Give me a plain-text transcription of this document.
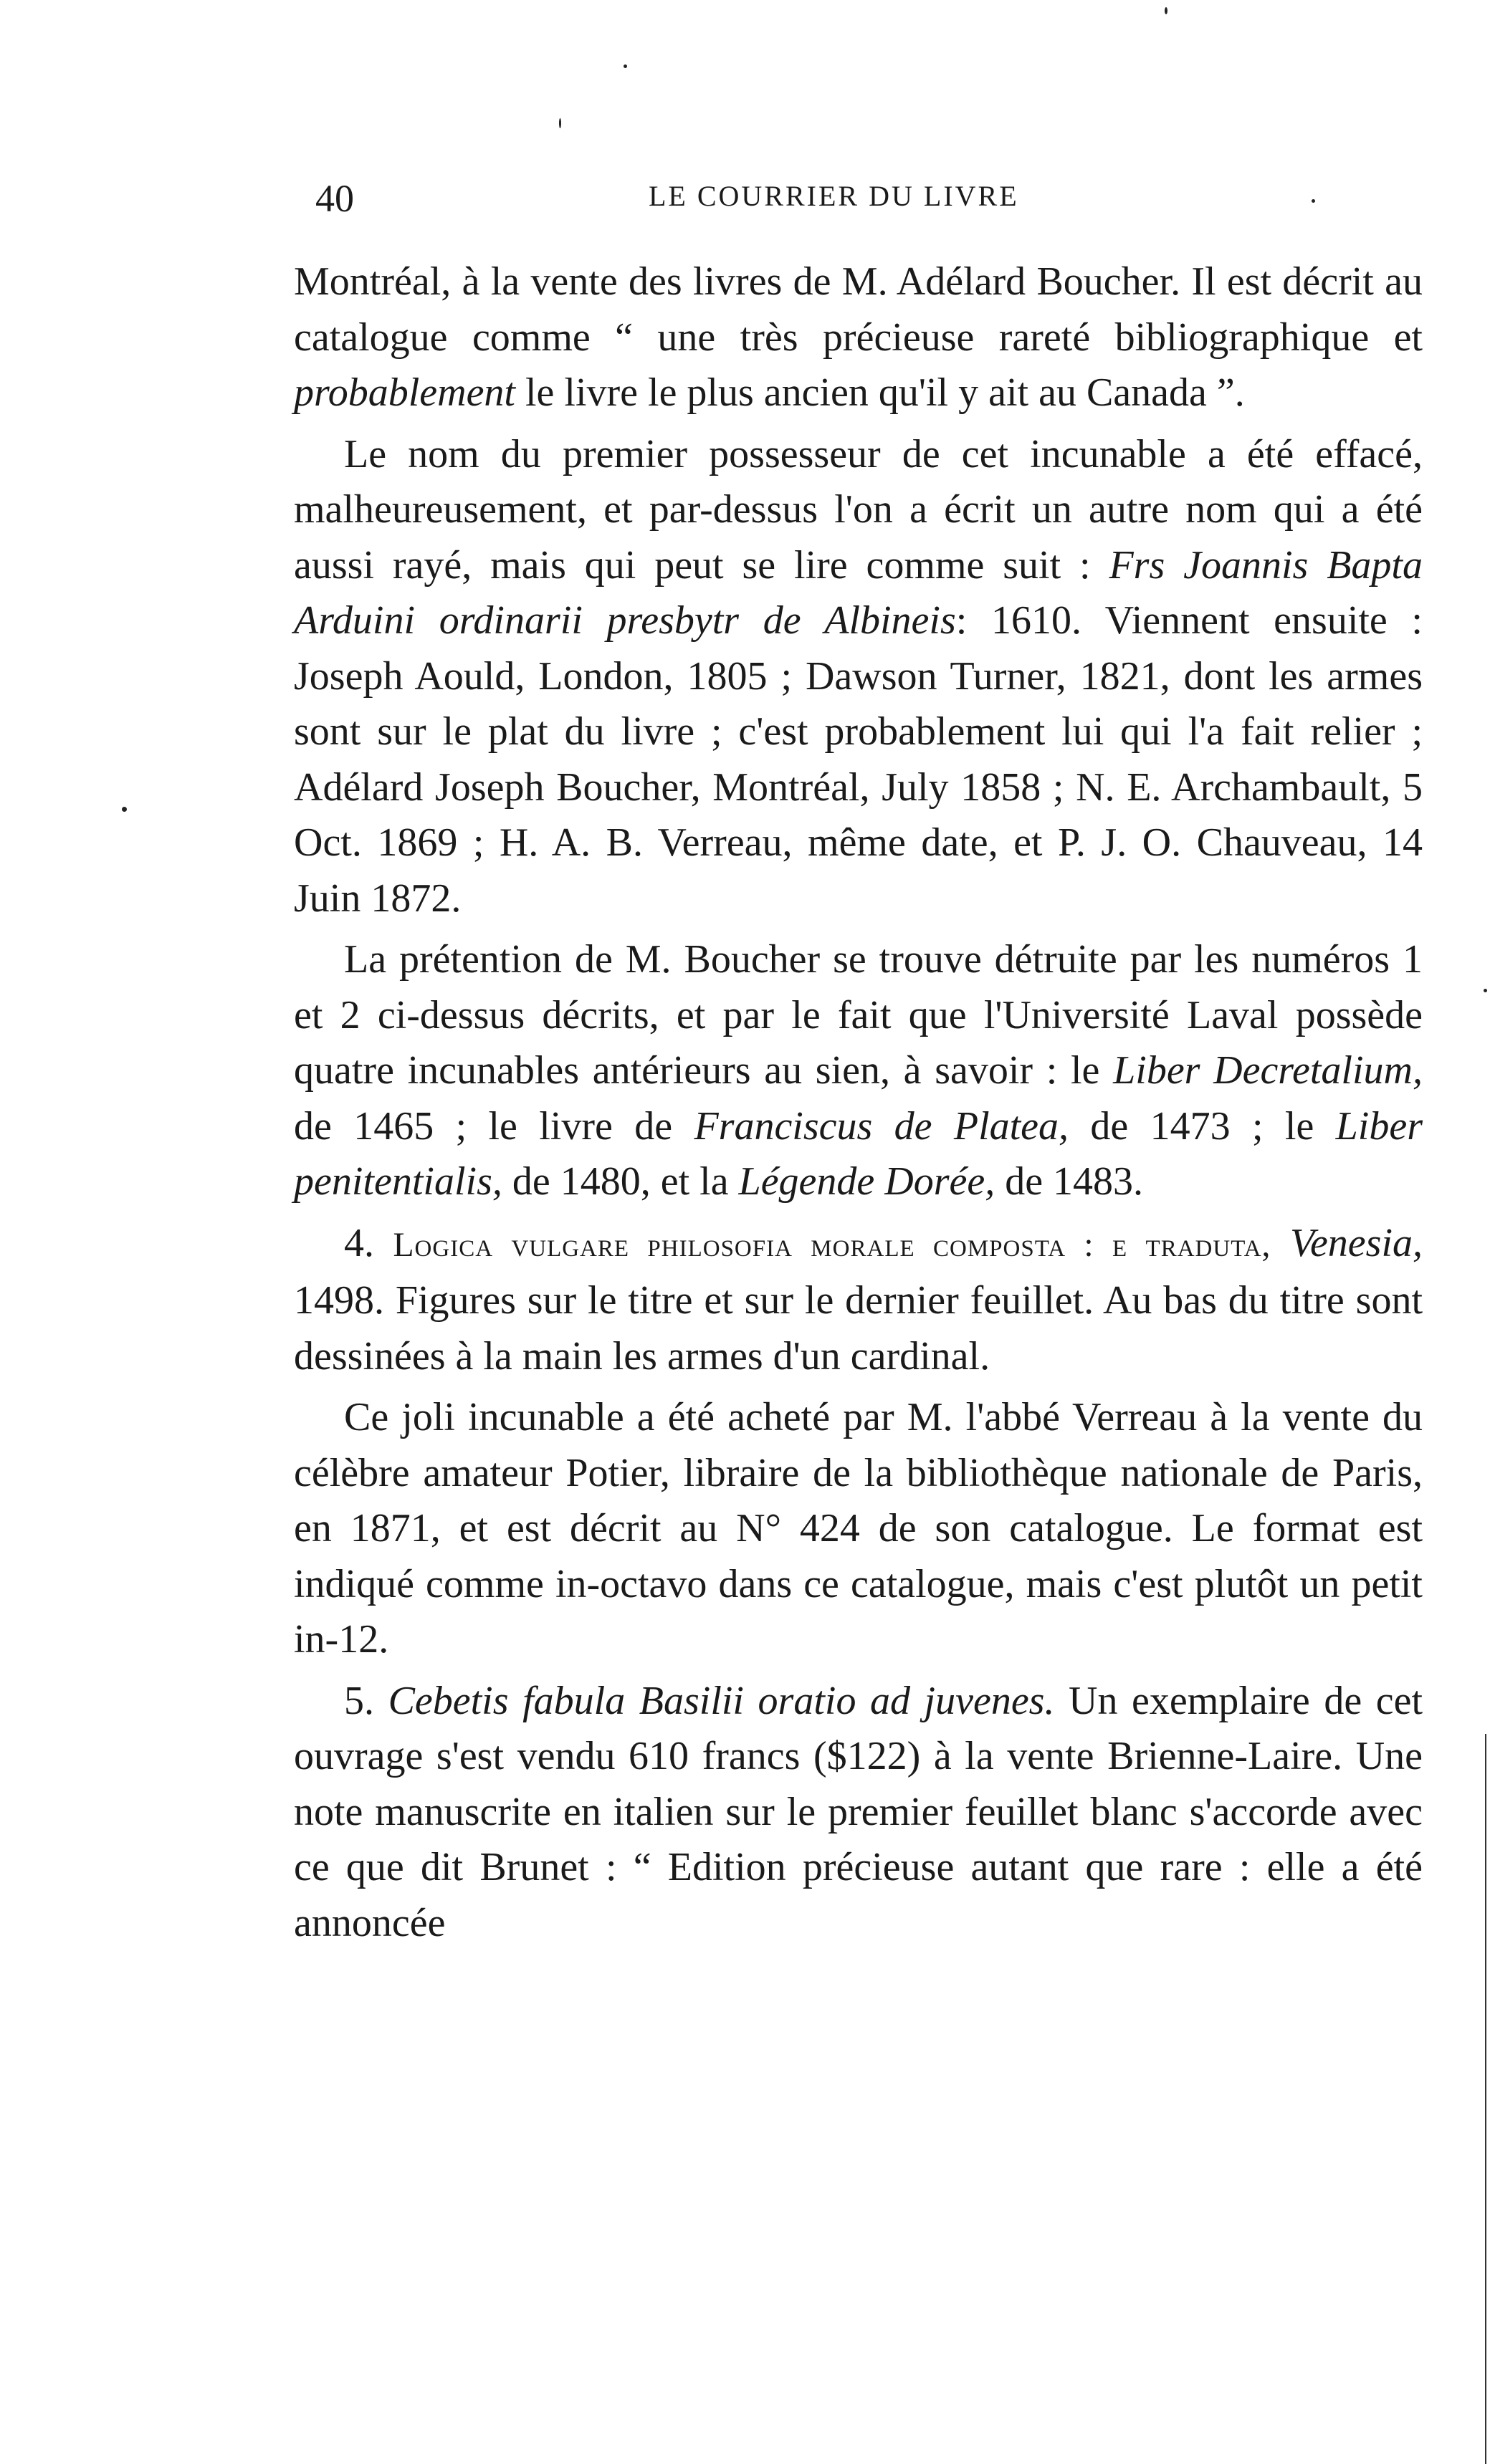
40	LE COURRIER DU LIVRE

Montréal, à la vente des livres de M. Adélard Boucher. Il est décrit au catalogue comme “ une très précieuse rareté bibliographique et probablement le livre le plus ancien qu'il y ait au Canada ”.

Le nom du premier possesseur de cet incunable a été effacé, malheureusement, et par-dessus l'on a écrit un autre nom qui a été aussi rayé, mais qui peut se lire comme suit : Frs Joannis Bapta Arduini ordinarii presbytr de Albineis: 1610. Viennent ensuite : Joseph Aould, London, 1805 ; Dawson Turner, 1821, dont les armes sont sur le plat du livre ; c'est probablement lui qui l'a fait relier ; Adélard Joseph Boucher, Montréal, July 1858 ; N. E. Archambault, 5 Oct. 1869 ; H. A. B. Verreau, même date, et P. J. O. Chauveau, 14 Juin 1872.

La prétention de M. Boucher se trouve détruite par les numéros 1 et 2 ci-dessus décrits, et par le fait que l'Université Laval possède quatre incunables antérieurs au sien, à savoir : le Liber Decretalium, de 1465 ; le livre de Franciscus de Platea, de 1473 ; le Liber penitentialis, de 1480, et la Légende Dorée, de 1483.

4. Logica vulgare philosofia morale composta : e traduta, Venesia, 1498. Figures sur le titre et sur le dernier feuillet. Au bas du titre sont dessinées à la main les armes d'un cardinal.

Ce joli incunable a été acheté par M. l'abbé Verreau à la vente du célèbre amateur Potier, libraire de la bibliothèque nationale de Paris, en 1871, et est décrit au N° 424 de son catalogue. Le format est indiqué comme in-octavo dans ce catalogue, mais c'est plutôt un petit in-12.

5. Cebetis fabula Basilii oratio ad juvenes. Un exemplaire de cet ouvrage s'est vendu 610 francs ($122) à la vente Brienne-Laire. Une note manuscrite en italien sur le premier feuillet blanc s'accorde avec ce que dit Brunet : “ Edition précieuse autant que rare : elle a été annoncée
